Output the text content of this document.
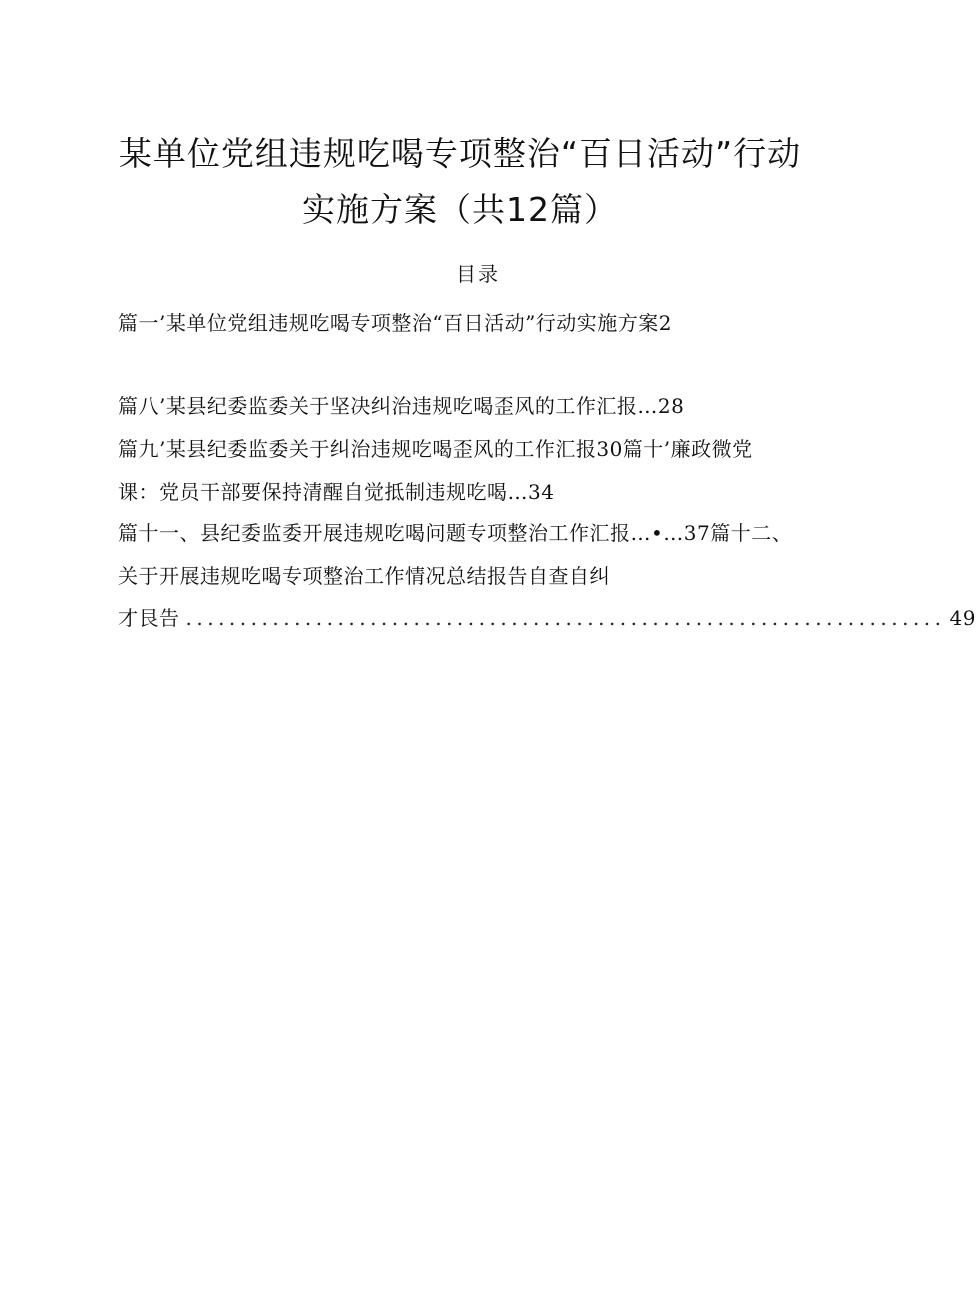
某单位党组违规吃喝专项整治“百日活动”行动
实施方案（共12篇）
目录
篇一’某单位党组违规吃喝专项整治“百日活动”行动实施方案2
篇八’某县纪委监委关于坚决纠治违规吃喝歪风的工作汇报…28
篇九’某县纪委监委关于纠治违规吃喝歪风的工作汇报30篇十’廉政微党
课：党员干部要保持清醒自觉抵制违规吃喝…34
篇十一、县纪委监委开展违规吃喝问题专项整治工作汇报…•…37篇十二、
关于开展违规吃喝专项整治工作情况总结报告自查自纠
才艮告 ...................................................................... 49
